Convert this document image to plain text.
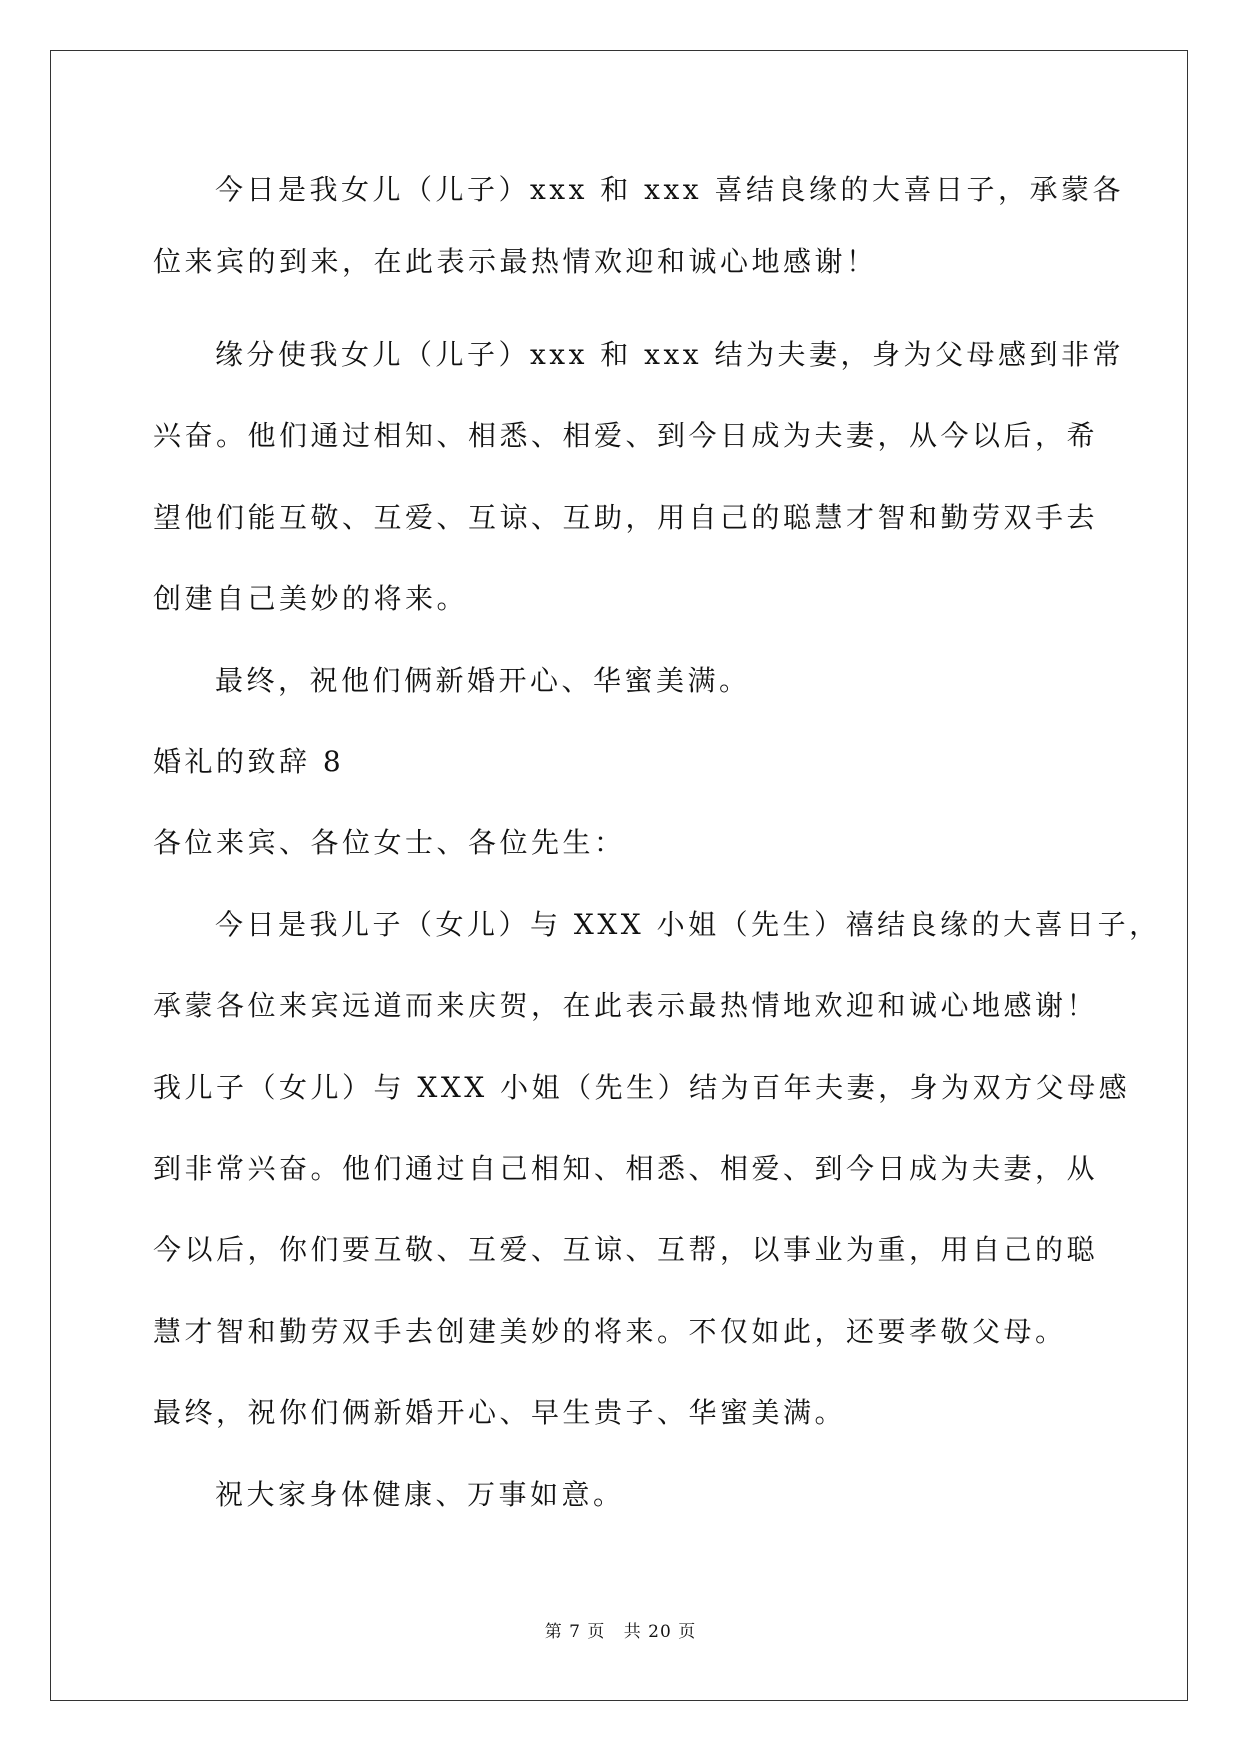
今日是我女儿（儿子）xxx 和 xxx 喜结良缘的大喜日子，承蒙各
位来宾的到来，在此表示最热情欢迎和诚心地感谢！
缘分使我女儿（儿子）xxx 和 xxx 结为夫妻，身为父母感到非常
兴奋。他们通过相知、相悉、相爱、到今日成为夫妻，从今以后，希
望他们能互敬、互爱、互谅、互助，用自己的聪慧才智和勤劳双手去
创建自己美妙的将来。
最终，祝他们俩新婚开心、华蜜美满。
婚礼的致辞 8
各位来宾、各位女士、各位先生：
今日是我儿子（女儿）与 XXX 小姐（先生）禧结良缘的大喜日子，
承蒙各位来宾远道而来庆贺，在此表示最热情地欢迎和诚心地感谢！
我儿子（女儿）与 XXX 小姐（先生）结为百年夫妻，身为双方父母感
到非常兴奋。他们通过自己相知、相悉、相爱、到今日成为夫妻，从
今以后，你们要互敬、互爱、互谅、互帮，以事业为重，用自己的聪
慧才智和勤劳双手去创建美妙的将来。不仅如此，还要孝敬父母。
最终，祝你们俩新婚开心、早生贵子、华蜜美满。
祝大家身体健康、万事如意。
第 7 页 共 20 页
